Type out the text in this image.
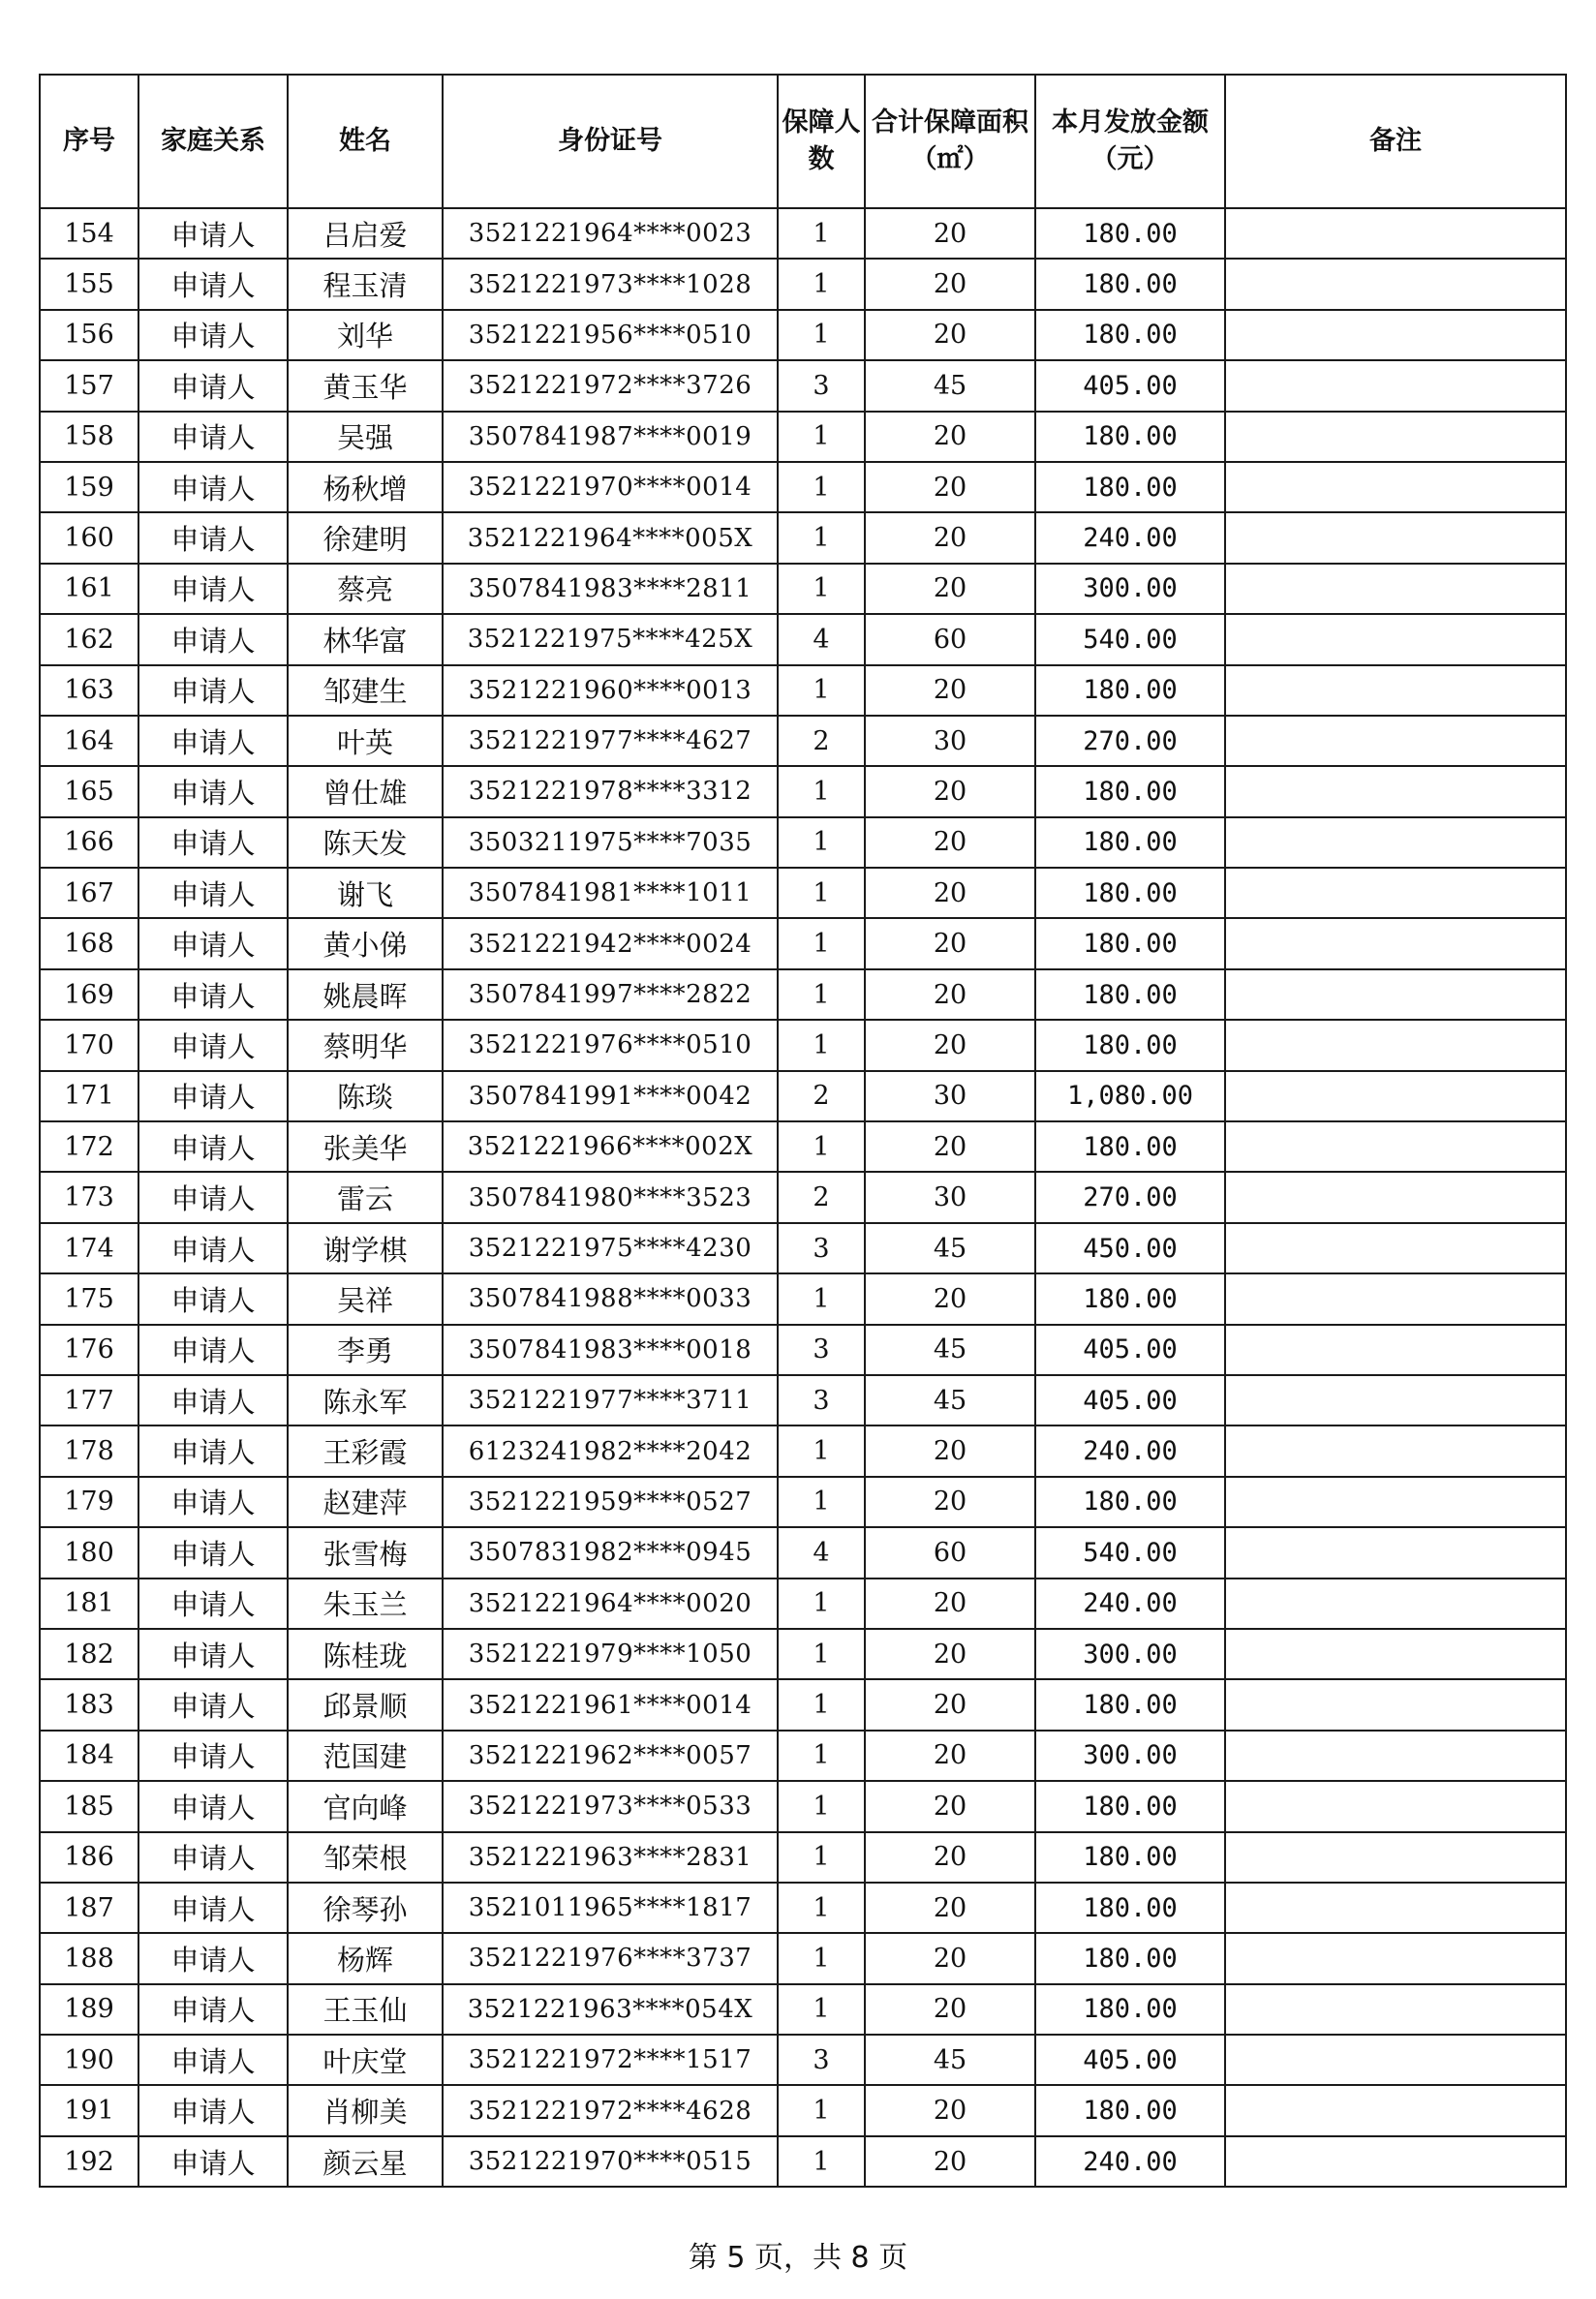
序号	家庭关系	姓名	身份证号	保障人数	合计保障面积（㎡）	本月发放金额（元）	备注
154	申请人	吕启爱	3521221964****0023	1	20	180.00	
155	申请人	程玉清	3521221973****1028	1	20	180.00	
156	申请人	刘华	3521221956****0510	1	20	180.00	
157	申请人	黄玉华	3521221972****3726	3	45	405.00	
158	申请人	吴强	3507841987****0019	1	20	180.00	
159	申请人	杨秋增	3521221970****0014	1	20	180.00	
160	申请人	徐建明	3521221964****005X	1	20	240.00	
161	申请人	蔡亮	3507841983****2811	1	20	300.00	
162	申请人	林华富	3521221975****425X	4	60	540.00	
163	申请人	邹建生	3521221960****0013	1	20	180.00	
164	申请人	叶英	3521221977****4627	2	30	270.00	
165	申请人	曾仕雄	3521221978****3312	1	20	180.00	
166	申请人	陈天发	3503211975****7035	1	20	180.00	
167	申请人	谢飞	3507841981****1011	1	20	180.00	
168	申请人	黄小俤	3521221942****0024	1	20	180.00	
169	申请人	姚晨晖	3507841997****2822	1	20	180.00	
170	申请人	蔡明华	3521221976****0510	1	20	180.00	
171	申请人	陈琰	3507841991****0042	2	30	1,080.00	
172	申请人	张美华	3521221966****002X	1	20	180.00	
173	申请人	雷云	3507841980****3523	2	30	270.00	
174	申请人	谢学棋	3521221975****4230	3	45	450.00	
175	申请人	吴祥	3507841988****0033	1	20	180.00	
176	申请人	李勇	3507841983****0018	3	45	405.00	
177	申请人	陈永军	3521221977****3711	3	45	405.00	
178	申请人	王彩霞	6123241982****2042	1	20	240.00	
179	申请人	赵建萍	3521221959****0527	1	20	180.00	
180	申请人	张雪梅	3507831982****0945	4	60	540.00	
181	申请人	朱玉兰	3521221964****0020	1	20	240.00	
182	申请人	陈桂珑	3521221979****1050	1	20	300.00	
183	申请人	邱景顺	3521221961****0014	1	20	180.00	
184	申请人	范国建	3521221962****0057	1	20	300.00	
185	申请人	官向峰	3521221973****0533	1	20	180.00	
186	申请人	邹荣根	3521221963****2831	1	20	180.00	
187	申请人	徐琴孙	3521011965****1817	1	20	180.00	
188	申请人	杨辉	3521221976****3737	1	20	180.00	
189	申请人	王玉仙	3521221963****054X	1	20	180.00	
190	申请人	叶庆堂	3521221972****1517	3	45	405.00	
191	申请人	肖柳美	3521221972****4628	1	20	180.00	
192	申请人	颜云星	3521221970****0515	1	20	240.00	
第 5 页，共 8 页
